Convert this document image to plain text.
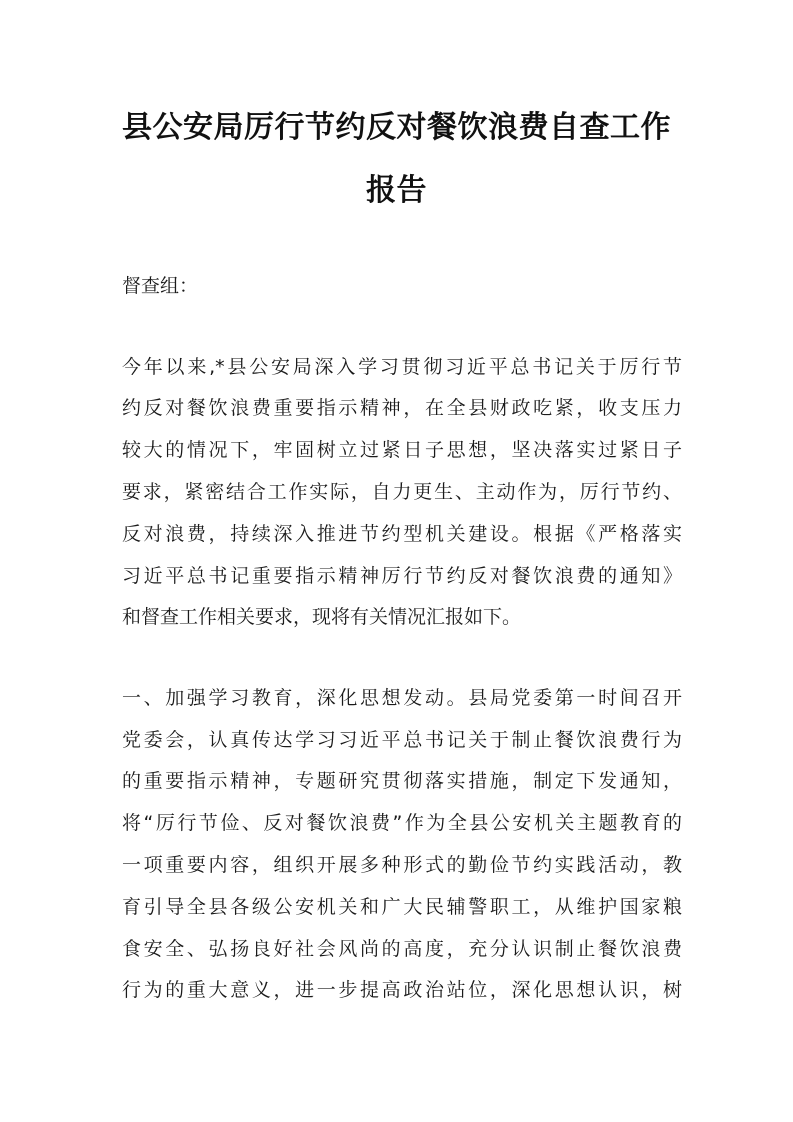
县公安局厉行节约反对餐饮浪费自查工作
报告
督查组：
今年以来,*县公安局深入学习贯彻习近平总书记关于厉行节
约反对餐饮浪费重要指示精神，在全县财政吃紧，收支压力
较大的情况下，牢固树立过紧日子思想，坚决落实过紧日子
要求，紧密结合工作实际，自力更生、主动作为，厉行节约、
反对浪费，持续深入推进节约型机关建设。根据《严格落实
习近平总书记重要指示精神厉行节约反对餐饮浪费的通知》
和督查工作相关要求，现将有关情况汇报如下。
一、加强学习教育，深化思想发动。县局党委第一时间召开
党委会，认真传达学习习近平总书记关于制止餐饮浪费行为
的重要指示精神，专题研究贯彻落实措施，制定下发通知，
将“厉行节俭、反对餐饮浪费”作为全县公安机关主题教育的
一项重要内容，组织开展多种形式的勤俭节约实践活动，教
育引导全县各级公安机关和广大民辅警职工，从维护国家粮
食安全、弘扬良好社会风尚的高度，充分认识制止餐饮浪费
行为的重大意义，进一步提高政治站位，深化思想认识，树
